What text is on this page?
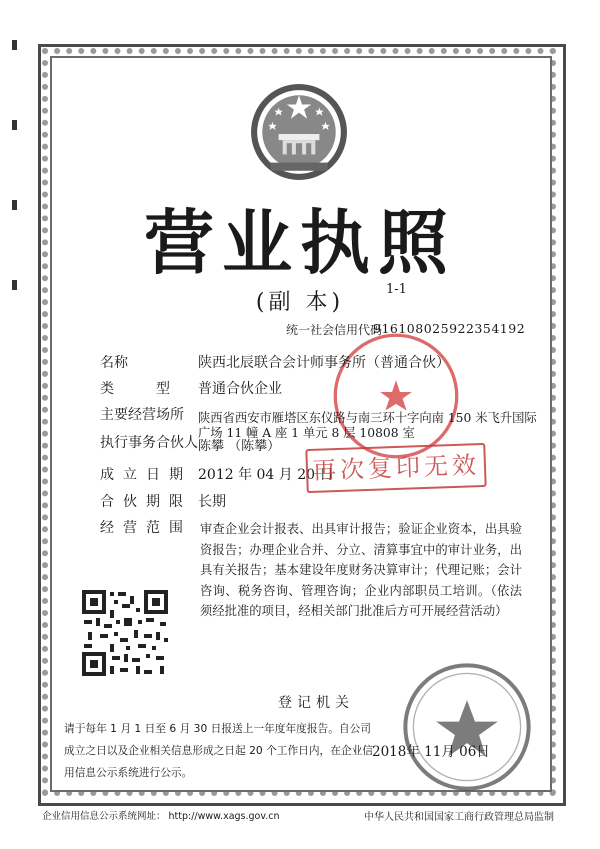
营业执照
(副 本)
1-1
统一社会信用代码
916108025922354192
名称	陕西北辰联合会计师事务所（普通合伙）
类型
普通合伙企业
主要经营场所 陕西省西安市雁塔区东仪路与南三环十字向南 150 米飞升国际
广场 11 幢 A 座 1 单元 8 层 10808 室
执行事务合伙人 陈攀 （陈攀）
成立日期 2012 年 04 月 20 日
合伙期限 长期
经营范围 审查企业会计报表、出具审计报告；验证企业资本，出具验资报告；办理企业合并、分立、清算事宜中的审计业务，出具有关报告；基本建设年度财务决算审计；代理记账；会计咨询、税务咨询、管理咨询；企业内部职员工培训。（依法须经批准的项目，经相关部门批准后方可开展经营活动）
再次复印无效
登记机关
请于每年 1 月 1 日至 6 月 30 日报送上一年度年度报告。自公司成立之日以及企业相关信息形成之日起 20 个工作日内，在企业信用信息公示系统进行公示。
2018年 11月 06日
企业信用信息公示系统网址： http://www.xags.gov.cn	中华人民共和国国家工商行政管理总局监制
